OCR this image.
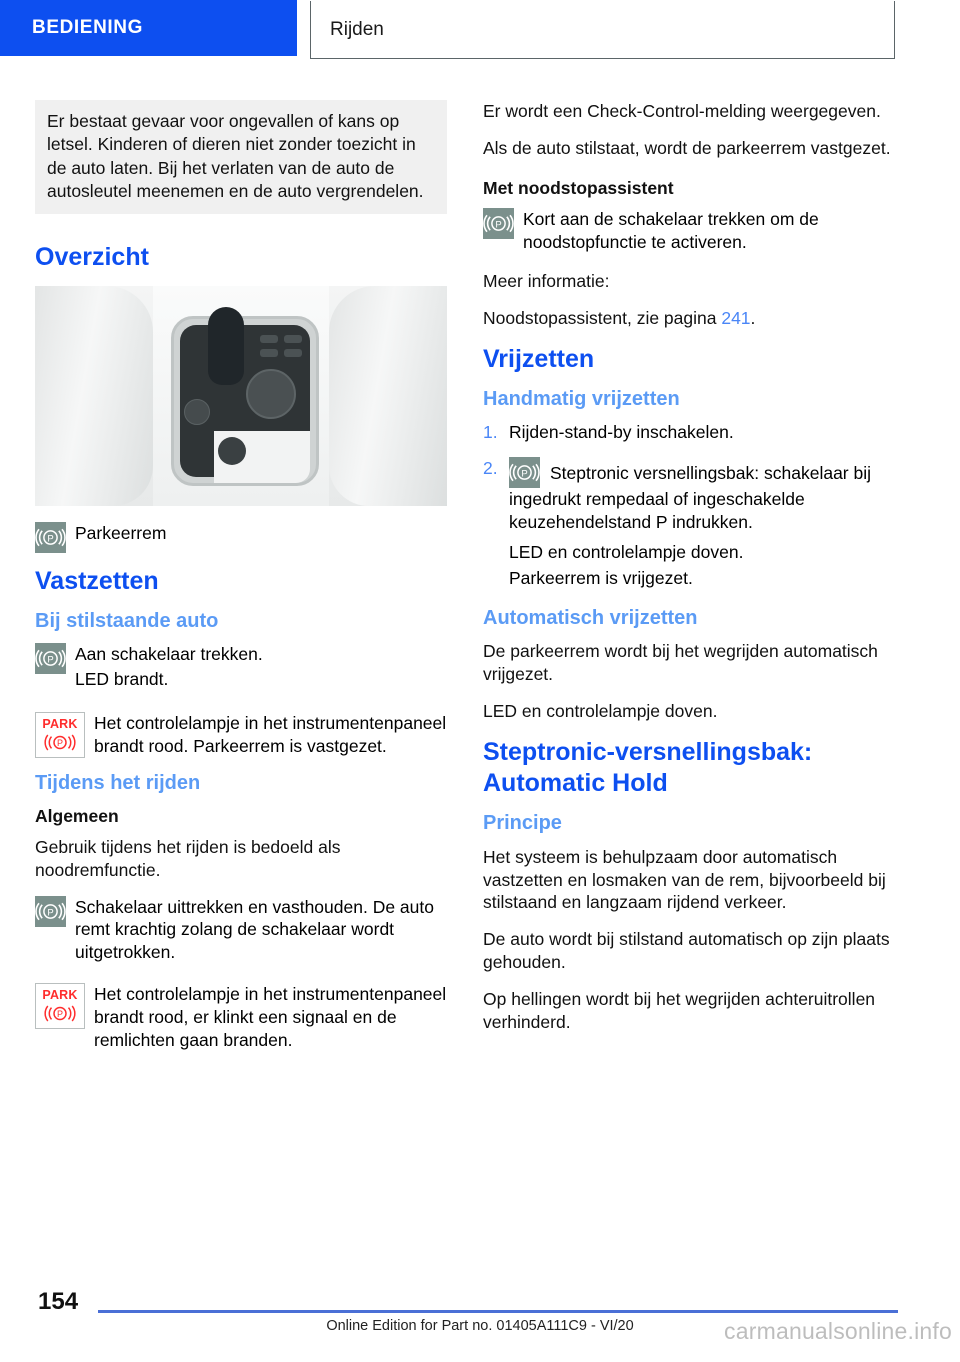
BEDIENING	Rijden

Er bestaat gevaar voor ongevallen of kans op letsel. Kinderen of dieren niet zonder toezicht in de auto laten. Bij het verlaten van de auto de autosleutel meenemen en de auto vergrendelen.

Overzicht
P Parkeerrem
Vastzetten
Bij stilstaande auto
P Aan schakelaar trekken.
LED brandt.
PARK
P
Het controlelampje in het instrumentenpaneel brandt rood. Parkeerrem is vastgezet.
Tijdens het rijden
Algemeen

Gebruik tijdens het rijden is bedoeld als noodremfunctie.

P Schakelaar uittrekken en vasthouden. De auto remt krachtig zolang de schakelaar wordt uitgetrokken.
PARK
P
Het controlelampje in het instrumentenpaneel brandt rood, er klinkt een signaal en de remlichten gaan branden.

Er wordt een Check-Control-melding weergegeven.

Als de auto stilstaat, wordt de parkeerrem vastgezet.

Met noodstopassistent
P Kort aan de schakelaar trekken om de noodstopfunctie te activeren.

Meer informatie:

Noodstopassistent, zie pagina 241.

Vrijzetten
Handmatig vrijzetten
1. Rijden-stand-by inschakelen.
2.	P Steptronic versnellingsbak: schakelaar bij ingedrukt rempedaal of ingeschakelde keuzehendelstand P indrukken.
LED en controlelampje doven.
Parkeerrem is vrijgezet.
Automatisch vrijzetten

De parkeerrem wordt bij het wegrijden automatisch vrijgezet.

LED en controlelampje doven.

Steptronic-versnellingsbak: Automatic Hold
Principe

Het systeem is behulpzaam door automatisch vastzetten en losmaken van de rem, bijvoorbeeld bij stilstaand en langzaam rijdend verkeer.

De auto wordt bij stilstand automatisch op zijn plaats gehouden.

Op hellingen wordt bij het wegrijden achteruitrollen verhinderd.

154
Online Edition for Part no. 01405A111C9 - VI/20	carmanualsonline.info
